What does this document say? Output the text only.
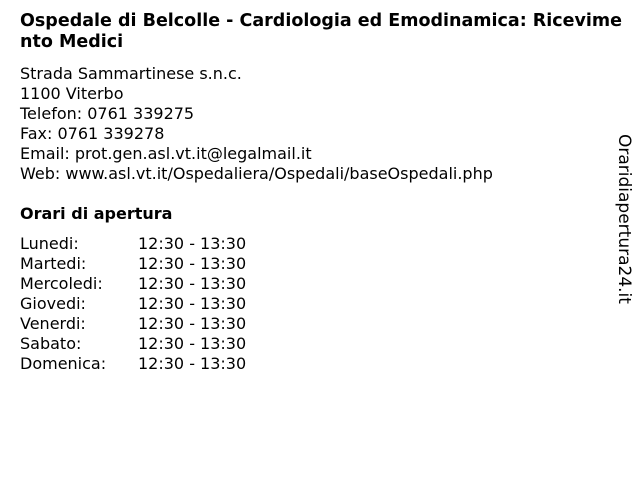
Ospedale di Belcolle - Cardiologia ed Emodinamica: Ricevimento Medici
Strada Sammartinese s.n.c.
1100 Viterbo
Telefon: 0761 339275
Fax: 0761 339278
Email: prot.gen.asl.vt.it@legalmail.it
Web: www.asl.vt.it/Ospedaliera/Ospedali/baseOspedali.php
Orari di apertura
Lunedi:	12:30 - 13:30
Martedi:	12:30 - 13:30
Mercoledi:	12:30 - 13:30
Giovedi:	12:30 - 13:30
Venerdi:	12:30 - 13:30
Sabato:	12:30 - 13:30
Domenica:	12:30 - 13:30
Oraridiapertura24.it
